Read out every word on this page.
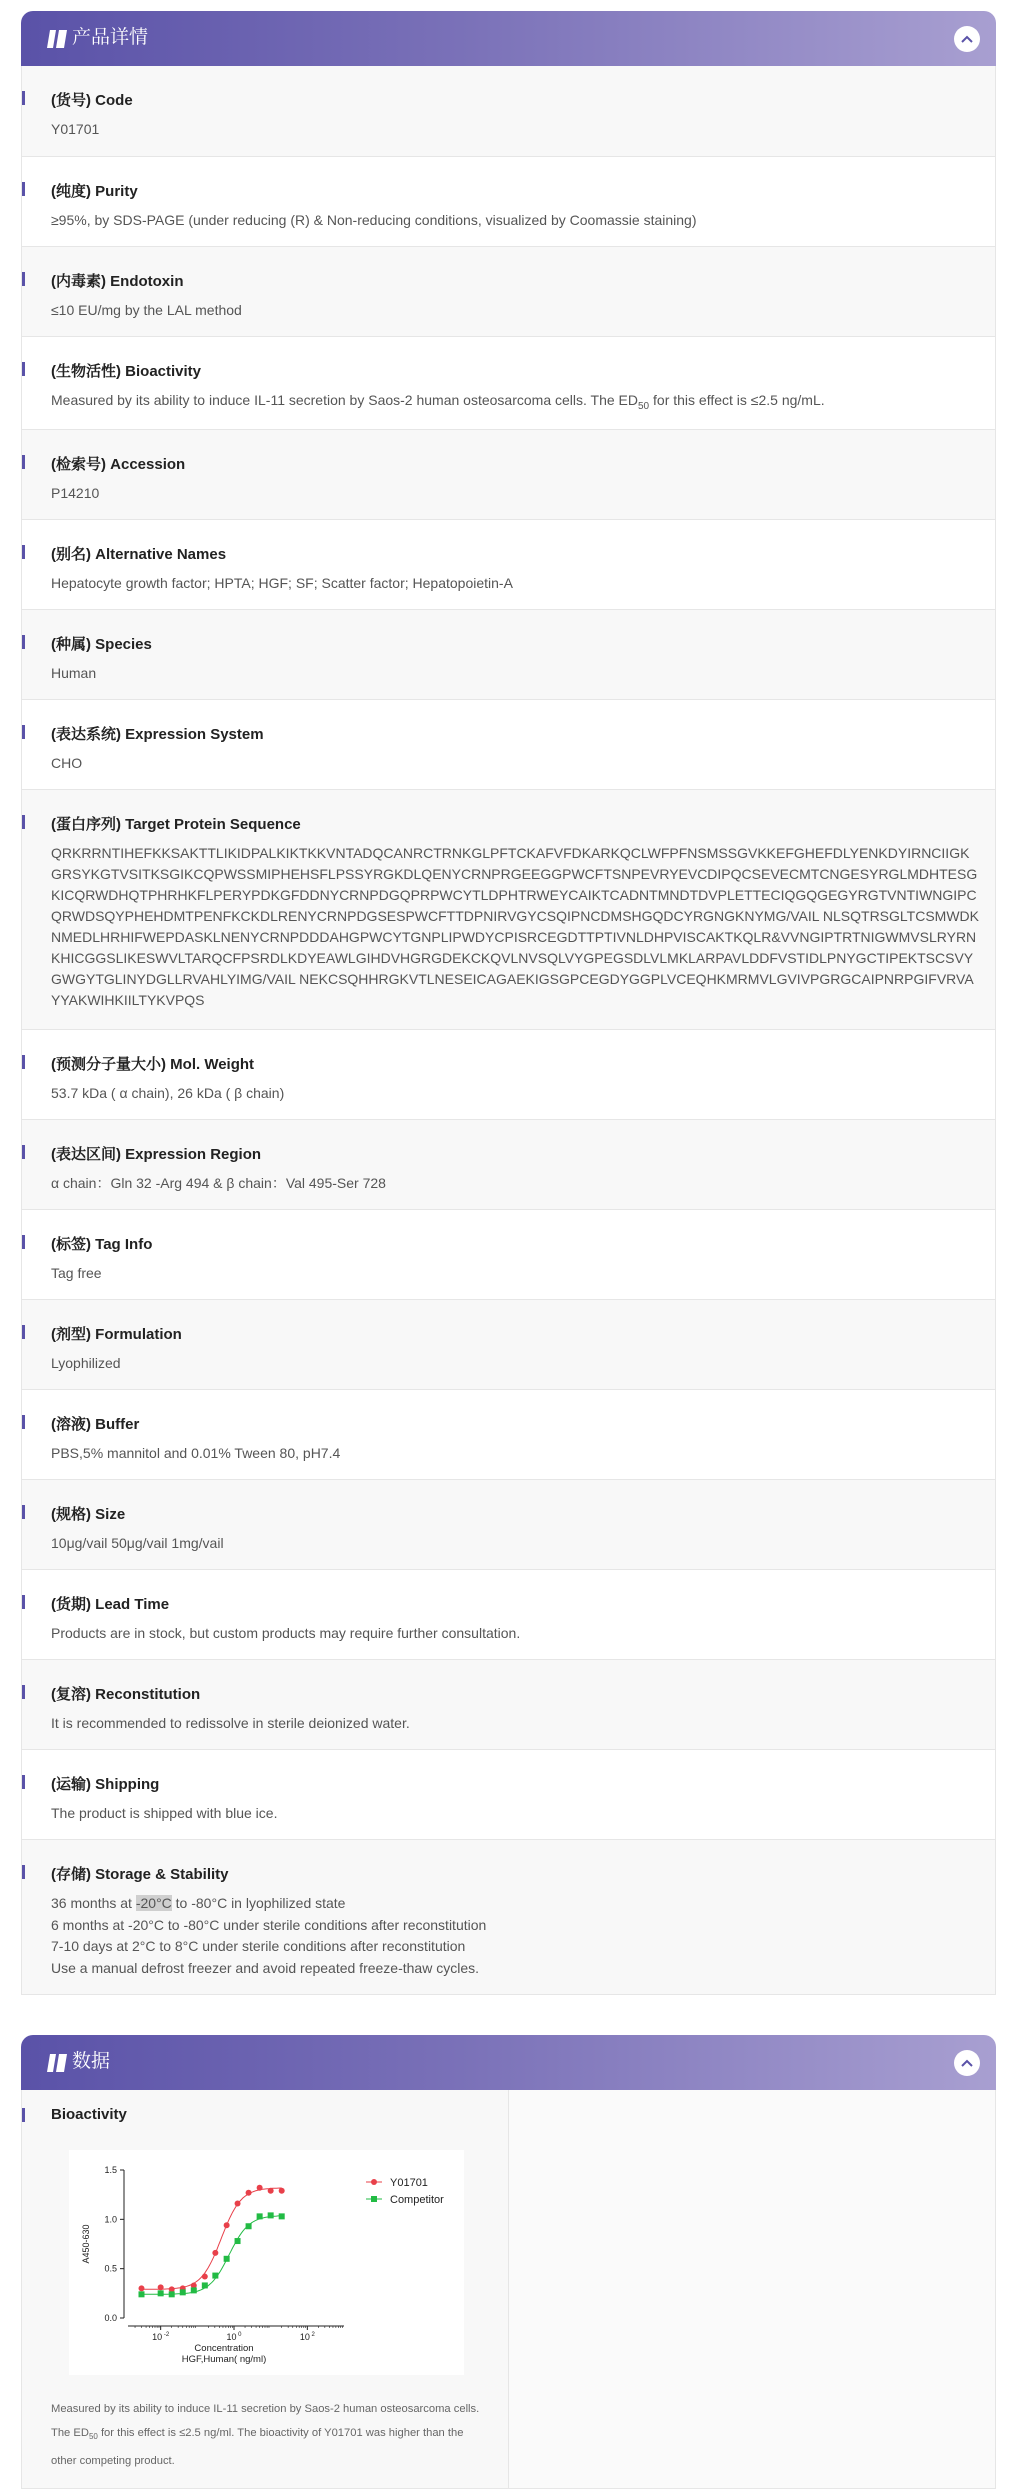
产品详情
(货号) Code
Y01701
(纯度) Purity
≥95%, by SDS-PAGE (under reducing (R) & Non-reducing conditions, visualized by Coomassie staining)
(内毒素) Endotoxin
≤10 EU/mg by the LAL method
(生物活性) Bioactivity
Measured by its ability to induce IL-11 secretion by Saos-2 human osteosarcoma cells. The $ED_{50}$ for this effect is ≤2.5 ng/mL.
(检索号) Accession
P14210
(别名) Alternative Names
Hepatocyte growth factor; HPTA; HGF; SF; Scatter factor; Hepatopoietin-A
(种属) Species
Human
(表达系统) Expression System
CHO
(蛋白序列) Target Protein Sequence
QRKRRNTIHEFKKSAKTTLIKIDPALKIKTKKVNTADQCANRCTRNKGLPFTCKAFVFDKARKQCLWFPFNSMSSGVKKEFGHEFDLYENKDYIRNCIIGKGRSYKGTVSITKSGIKCQPWSSMIPHEHSFLPSSYRGKDLQENYCRNPRGEEGGPWCFTSNPEVRYEVCDIPQCSEVECMTCNGESYRGLMDHTESGKICQRWDHQTPHRHKFLPERYPDKGFDDNYCRNPDGQPRPWCYTLDPHTRWEYCAIKTCADNTMNDTDVPLETTECIQGQGEGYRGTVNTIWNGIPCQRWDSQYPHEHDMTPENFKCKDLRENYCRNPDGSESPWCFTTDPNIRVGYCSQIPNCDMSHGQDCYRGNGKNYMG/VAIL NLSQTRSGLTCSMWDKNMEDLHRHIFWEPDASKLNENYCRNPDDDAHGPWCYTGNPLIPWDYCPISRCEGDTTPTIVNLDHPVISCAKTKQLR&VVNGIPTRTNIGWMVSLRYRNKHICGGSLIKESWVLTARQCFPSRDLKDYEAWLGIHDVHGRGDEKCKQVLNVSQLVYGPEGSDLVLMKLARPAVLDDFVSTIDLPNYGCTIPEKTSCSVYGWGYTGLINYDGLLRVAHLYIMG/VAIL NEKCSQHHRGKVTLNESEICAGAEKIGSGPCEGDYGGPLVCEQHKMRMVLGVIVPGRGCAIPNRPGIFVRVAYYAKWIHKIILTYKVPQS
(预测分子量大小) Mol. Weight
53.7 kDa ( α chain), 26 kDa ( β chain)
(表达区间) Expression Region
α chain：Gln 32 -Arg 494 & β chain：Val 495-Ser 728
(标签) Tag Info
Tag free
(剂型) Formulation
Lyophilized
(溶液) Buffer
PBS,5% mannitol and 0.01% Tween 80, pH7.4
(规格) Size
10μg/vail 50μg/vail 1mg/vail
(货期) Lead Time
Products are in stock, but custom products may require further consultation.
(复溶) Reconstitution
It is recommended to redissolve in sterile deionized water.
(运输) Shipping
The product is shipped with blue ice.
(存储) Storage & Stability
36 months at -20°C to -80°C in lyophilized state
6 months at -20°C to -80°C under sterile conditions after reconstitution
7-10 days at 2°C to 8°C under sterile conditions after reconstitution
Use a manual defrost freezer and avoid repeated freeze-thaw cycles.
数据
Bioactivity
0.0
0.5
1.0
1.5
10 $^{-2}$	10 $^0$	10 $^2$
A450-630
Concentration
HGF,Human( ng/ml)
Y01701
Competitor
Measured by its ability to induce IL-11 secretion by Saos-2 human osteosarcoma cells. The $ED_{50}$ for this effect is ≤2.5 ng/ml. The bioactivity of Y01701 was higher than the other competing product.
